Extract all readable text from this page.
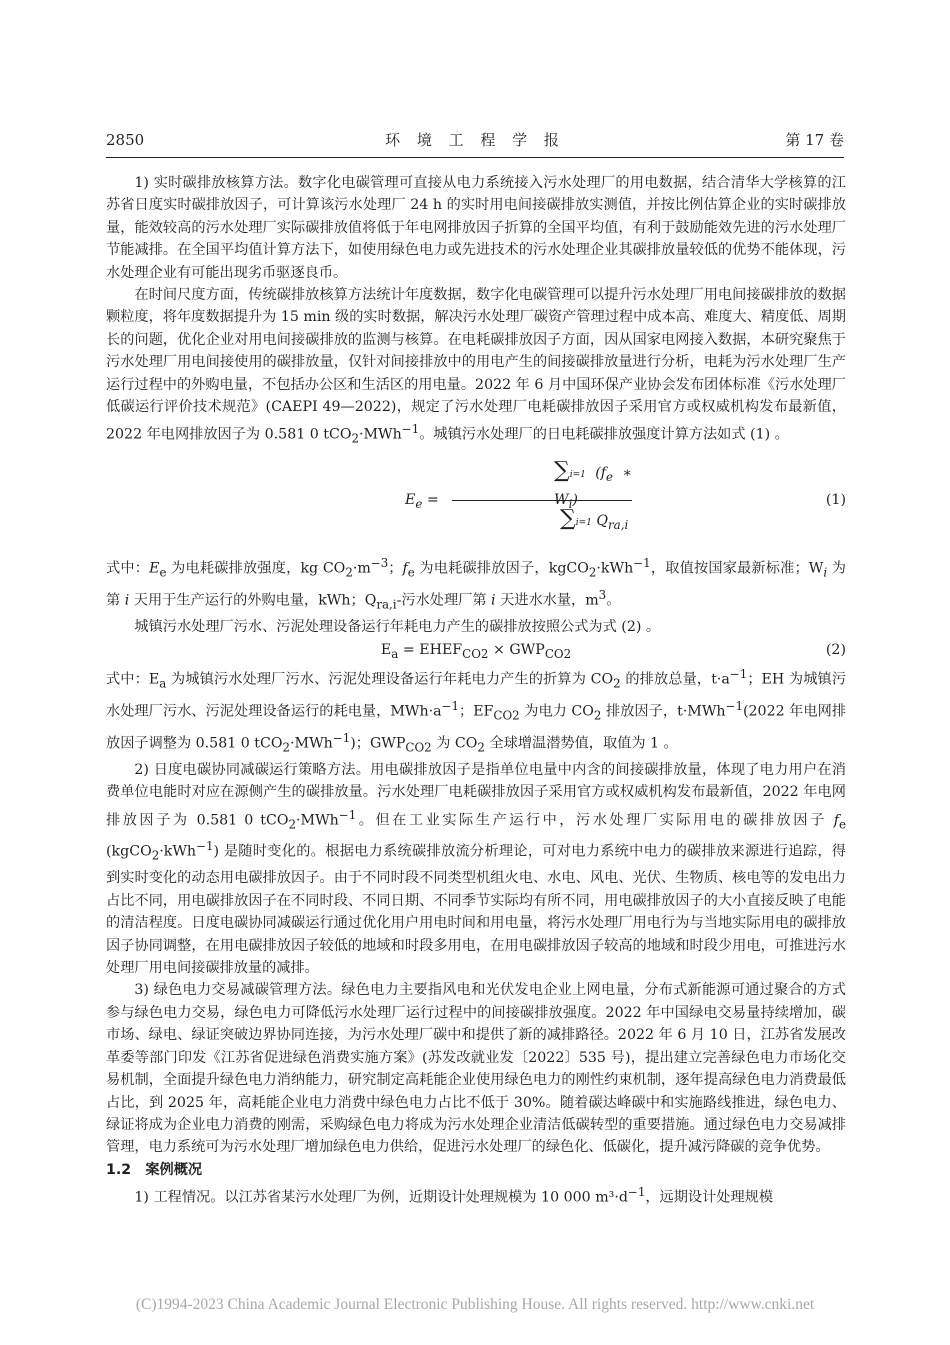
2850	环 境 工 程 学 报	第 17 卷

1) 实时碳排放核算方法。数字化电碳管理可直接从电力系统接入污水处理厂的用电数据，结合清华大学核算的江苏省日度实时碳排放因子，可计算该污水处理厂 24 h 的实时用电间接碳排放实测值，并按比例估算企业的实时碳排放量，能效较高的污水处理厂实际碳排放值将低于年电网排放因子折算的全国平均值，有利于鼓励能效先进的污水处理厂节能减排。在全国平均值计算方法下，如使用绿色电力或先进技术的污水处理企业其碳排放量较低的优势不能体现，污水处理企业有可能出现劣币驱逐良币。

在时间尺度方面，传统碳排放核算方法统计年度数据，数字化电碳管理可以提升污水处理厂用电间接碳排放的数据颗粒度，将年度数据提升为 15 min 级的实时数据，解决污水处理厂碳资产管理过程中成本高、难度大、精度低、周期长的问题，优化企业对用电间接碳排放的监测与核算。在电耗碳排放因子方面，因从国家电网接入数据，本研究聚焦于污水处理厂用电间接使用的碳排放量，仅针对间接排放中的用电产生的间接碳排放量进行分析，电耗为污水处理厂生产运行过程中的外购电量，不包括办公区和生活区的用电量。2022 年 6 月中国环保产业协会发布团体标准《污水处理厂低碳运行评价技术规范》(CAEPI 49—2022)，规定了污水处理厂电耗碳排放因子采用官方或权威机构发布最新值，2022 年电网排放因子为 0.581 0 tCO$_2$·MWh$^{-1}$。城镇污水处理厂的日电耗碳排放强度计算方法如式 (1) 。

$E_e$ =
∑i=1 ($f_e$ ∗ $W_i$)
∑i=1 $Q_{ra,i}$
(1)

式中：$E_e$ 为电耗碳排放强度，kg $CO_2\cdot m^{-3}$；$f_e$ 为电耗碳排放因子，kgCO$_2$·kWh$^{-1}$，取值按国家最新标准；$W_i$ 为第 i 天用于生产运行的外购电量，kWh；$Q_{ra,i}-$污水处理厂第 i 天进水水量，$m^3$。

城镇污水处理厂污水、污泥处理设备运行年耗电力产生的碳排放按照公式为式 (2) 。

$E_a$ = $EHEF_{CO2} \times GWP_{CO2}$	(2)

式中：$E_a$ 为城镇污水处理厂污水、污泥处理设备运行年耗电力产生的折算为 $CO_2$ 的排放总量，$t\cdot a^{-1}$；EH 为城镇污水处理厂污水、污泥处理设备运行的耗电量，$MWh\cdot a^{-1}$；$EF_{CO2}$ 为电力 $CO_2$ 排放因子，t·MWh$^{-1}$(2022 年电网排放因子调整为 0.581 0 tCO$_2$·MWh$^{-1}$)；$GWP_{CO2}$ 为 $CO_2$ 全球增温潜势值，取值为 1 。

2) 日度电碳协同减碳运行策略方法。用电碳排放因子是指单位电量中内含的间接碳排放量，体现了电力用户在消费单位电能时对应在源侧产生的碳排放量。污水处理厂电耗碳排放因子采用官方或权威机构发布最新值，2022 年电网排放因子为 0.581 0 tCO$_2$·MWh$^{-1}$。但在工业实际生产运行中，污水处理厂实际用电的碳排放因子 $f_e$ (kgCO$_2$·kWh$^{-1}$) 是随时变化的。根据电力系统碳排放流分析理论，可对电力系统中电力的碳排放来源进行追踪，得到实时变化的动态用电碳排放因子。由于不同时段不同类型机组火电、水电、风电、光伏、生物质、核电等的发电出力占比不同，用电碳排放因子在不同时段、不同日期、不同季节实际均有所不同，用电碳排放因子的大小直接反映了电能的清洁程度。日度电碳协同减碳运行通过优化用户用电时间和用电量，将污水处理厂用电行为与当地实际用电的碳排放因子协同调整，在用电碳排放因子较低的地域和时段多用电，在用电碳排放因子较高的地域和时段少用电，可推进污水处理厂用电间接碳排放量的减排。

3) 绿色电力交易减碳管理方法。绿色电力主要指风电和光伏发电企业上网电量，分布式新能源可通过聚合的方式参与绿色电力交易，绿色电力可降低污水处理厂运行过程中的间接碳排放强度。2022 年中国绿电交易量持续增加，碳市场、绿电、绿证突破边界协同连接，为污水处理厂碳中和提供了新的减排路径。2022 年 6 月 10 日，江苏省发展改革委等部门印发《江苏省促进绿色消费实施方案》(苏发改就业发〔2022〕535 号)，提出建立完善绿色电力市场化交易机制，全面提升绿色电力消纳能力，研究制定高耗能企业使用绿色电力的刚性约束机制，逐年提高绿色电力消费最低占比，到 2025 年，高耗能企业电力消费中绿色电力占比不低于 30%。随着碳达峰碳中和实施路线推进，绿色电力、绿证将成为企业电力消费的刚需，采购绿色电力将成为污水处理企业清洁低碳转型的重要措施。通过绿色电力交易减排管理，电力系统可为污水处理厂增加绿色电力供给，促进污水处理厂的绿色化、低碳化，提升减污降碳的竞争优势。

1.2　案例概况

1) 工程情况。以江苏省某污水处理厂为例，近期设计处理规模为 10 000 $m^3\cdot d^{-1}$，远期设计处理规模

(C)1994-2023 China Academic Journal Electronic Publishing House. All rights reserved. http://www.cnki.net
